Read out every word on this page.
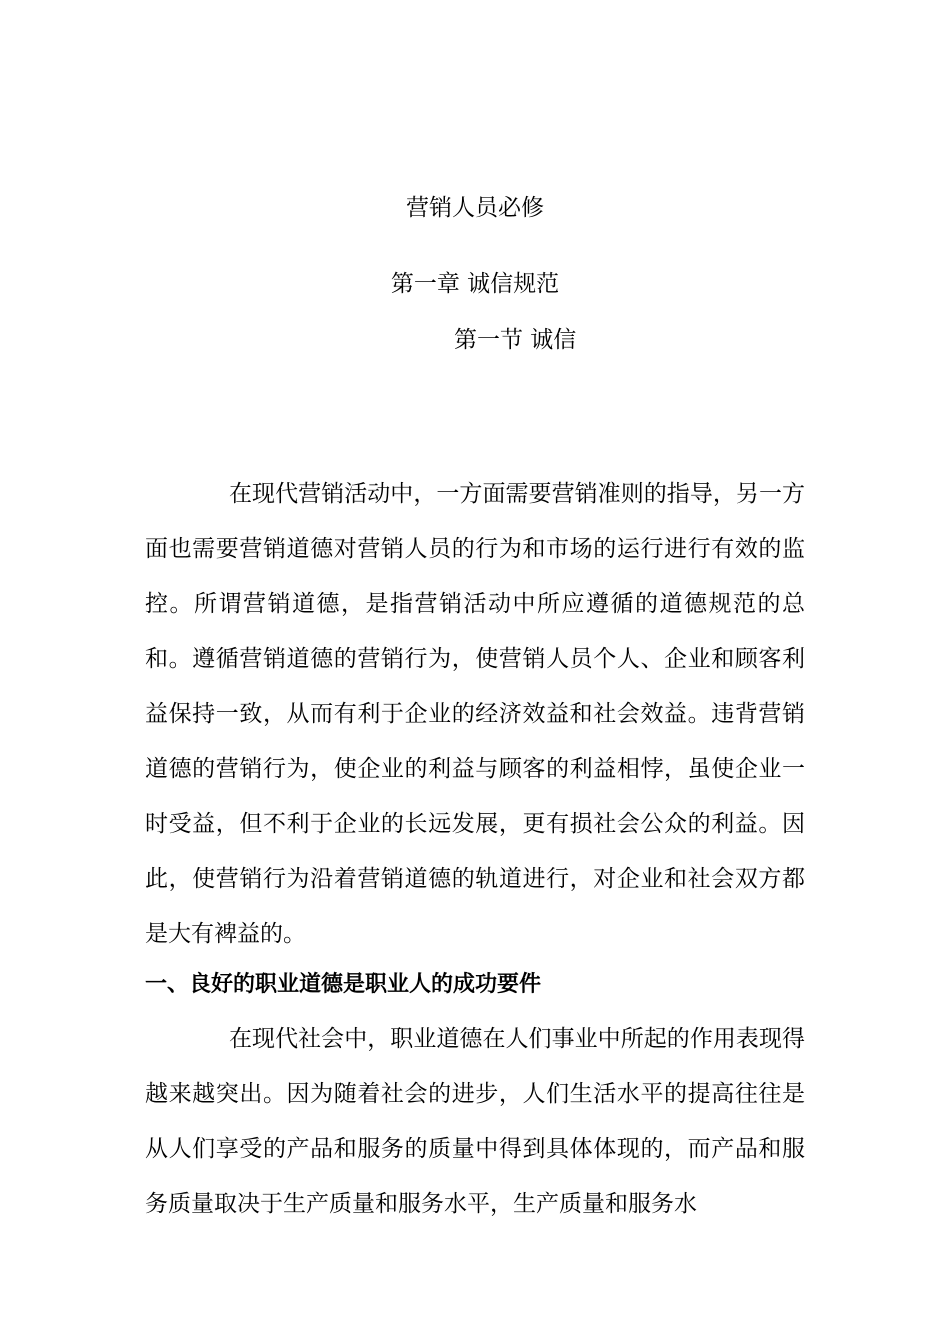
营销人员必修
第一章 诚信规范
第一节 诚信

在现代营销活动中，一方面需要营销准则的指导，另一方面也需要营销道德对营销人员的行为和市场的运行进行有效的监控。所谓营销道德，是指营销活动中所应遵循的道德规范的总和。遵循营销道德的营销行为，使营销人员个人、企业和顾客利益保持一致，从而有利于企业的经济效益和社会效益。违背营销道德的营销行为，使企业的利益与顾客的利益相悖，虽使企业一时受益，但不利于企业的长远发展，更有损社会公众的利益。因此，使营销行为沿着营销道德的轨道进行，对企业和社会双方都是大有裨益的。

一、良好的职业道德是职业人的成功要件

在现代社会中，职业道德在人们事业中所起的作用表现得越来越突出。因为随着社会的进步，人们生活水平的提高往往是从人们享受的产品和服务的质量中得到具体体现的，而产品和服务质量取决于生产质量和服务水平，生产质量和服务水
